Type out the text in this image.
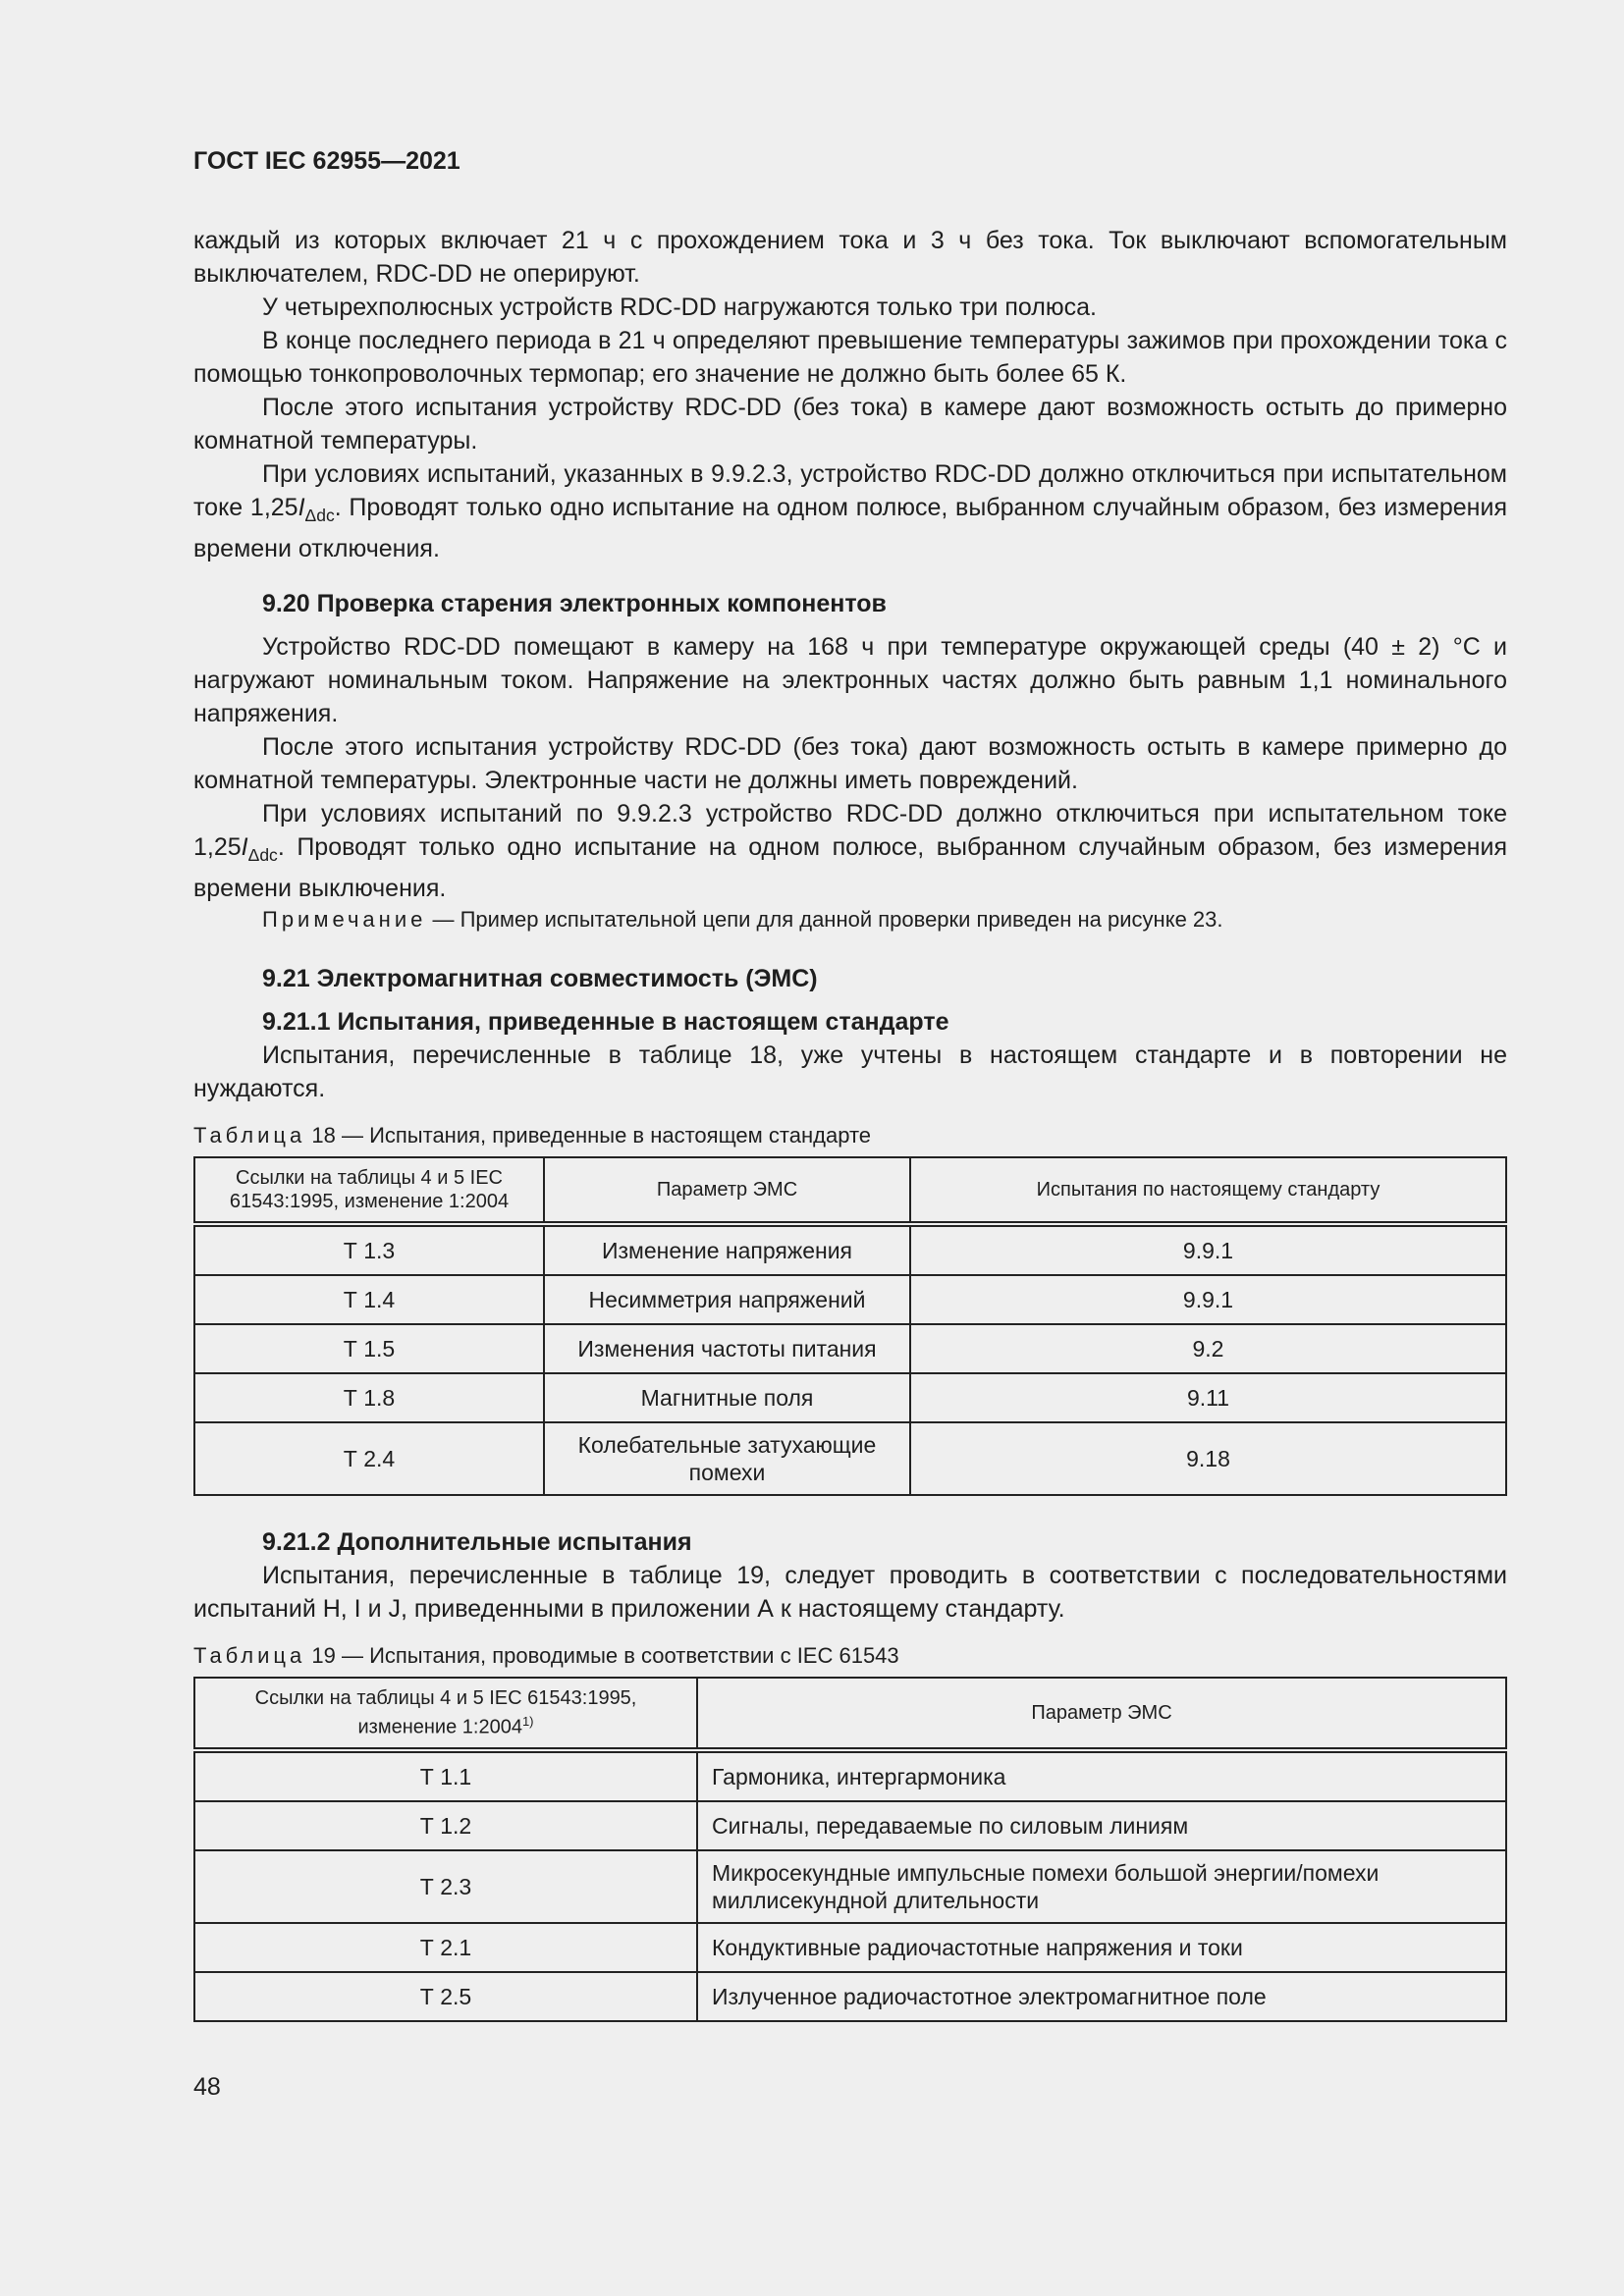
ГОСТ IEC 62955—2021

каждый из которых включает 21 ч с прохождением тока и 3 ч без тока. Ток выключают вспомогательным выключателем, RDC-DD не оперируют.

У четырехполюсных устройств RDC-DD нагружаются только три полюса.

В конце последнего периода в 21 ч определяют превышение температуры зажимов при прохождении тока с помощью тонкопроволочных термопар; его значение не должно быть более 65 К.

После этого испытания устройству RDC-DD (без тока) в камере дают возможность остыть до примерно комнатной температуры.

При условиях испытаний, указанных в 9.9.2.3, устройство RDC-DD должно отключиться при испытательном токе $1,25I_{\Delta dc}$. Проводят только одно испытание на одном полюсе, выбранном случайным образом, без измерения времени отключения.

9.20 Проверка старения электронных компонентов

Устройство RDC-DD помещают в камеру на 168 ч при температуре окружающей среды (40 ± 2) °С и нагружают номинальным током. Напряжение на электронных частях должно быть равным 1,1 номинального напряжения.

После этого испытания устройству RDC-DD (без тока) дают возможность остыть в камере примерно до комнатной температуры. Электронные части не должны иметь повреждений.

При условиях испытаний по 9.9.2.3 устройство RDC-DD должно отключиться при испытательном токе $1,25I_{\Delta dc}$. Проводят только одно испытание на одном полюсе, выбранном случайным образом, без измерения времени выключения.

Примечание — Пример испытательной цепи для данной проверки приведен на рисунке 23.

9.21 Электромагнитная совместимость (ЭМС)

9.21.1 Испытания, приведенные в настоящем стандарте

Испытания, перечисленные в таблице 18, уже учтены в настоящем стандарте и в повторении не нуждаются.

Таблица 18 — Испытания, приведенные в настоящем стандарте
Ссылки на таблицы 4 и 5 IEC 61543:1995, изменение 1:2004	Параметр ЭМС	Испытания по настоящему стандарту
Т 1.3	Изменение напряжения	9.9.1
Т 1.4	Несимметрия напряжений	9.9.1
Т 1.5	Изменения частоты питания	9.2
Т 1.8	Магнитные поля	9.11
Т 2.4	Колебательные затухающие помехи	9.18

9.21.2 Дополнительные испытания

Испытания, перечисленные в таблице 19, следует проводить в соответствии с последовательностями испытаний H, I и J, приведенными в приложении А к настоящему стандарту.

Таблица 19 — Испытания, проводимые в соответствии с IEC 61543
Ссылки на таблицы 4 и 5 IEC 61543:1995, изменение 1:2004$^{1)}$	Параметр ЭМС
Т 1.1	Гармоника, интергармоника
Т 1.2	Сигналы, передаваемые по силовым линиям
Т 2.3	Микросекундные импульсные помехи большой энергии/помехи миллисекундной длительности
Т 2.1	Кондуктивные радиочастотные напряжения и токи
Т 2.5	Излученное радиочастотное электромагнитное поле
48
